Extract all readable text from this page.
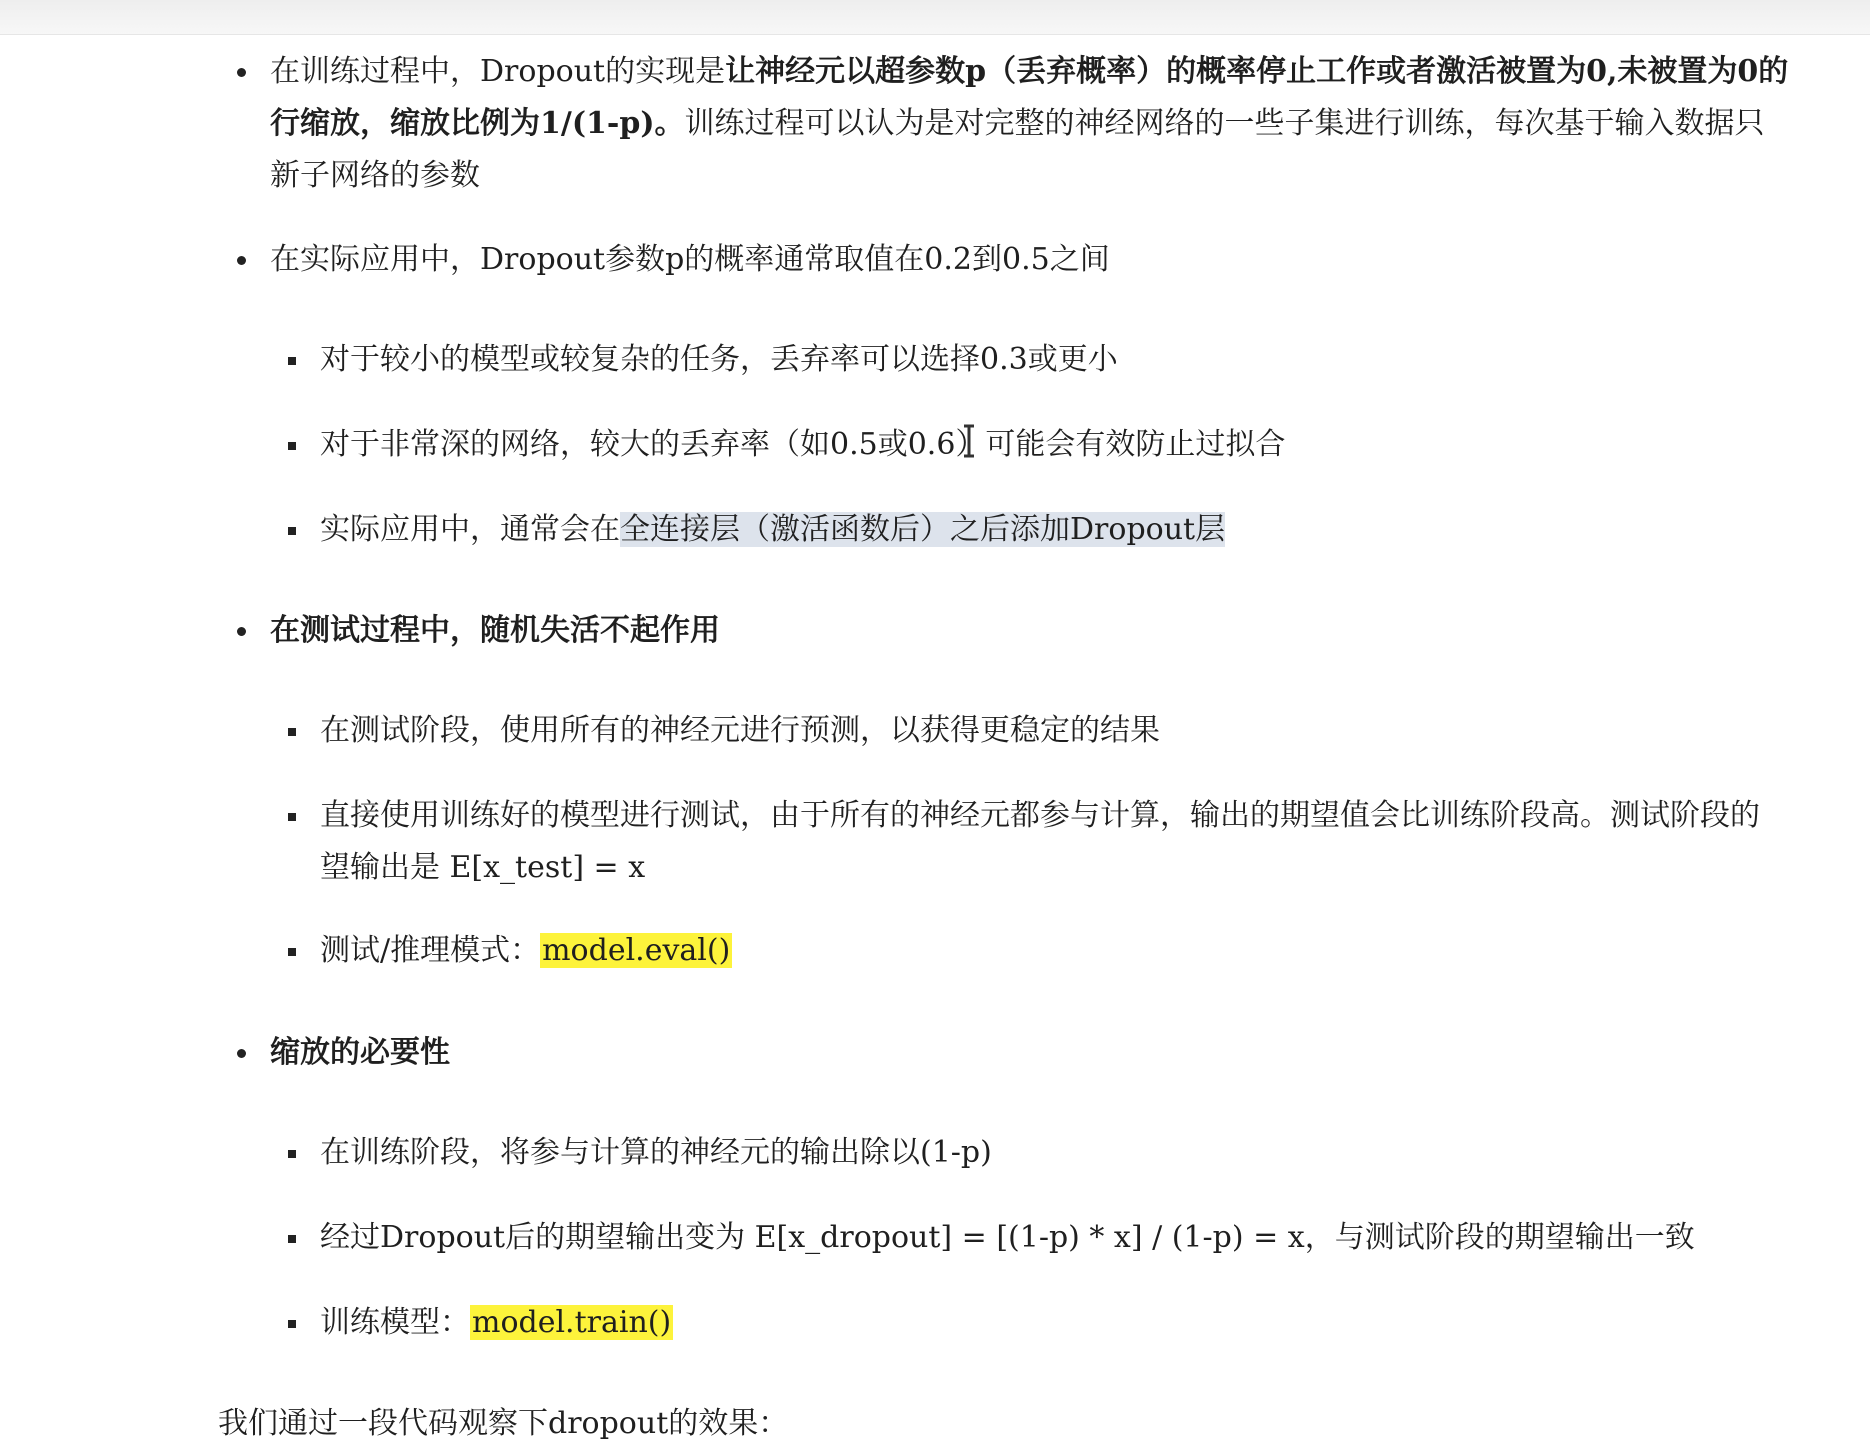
在训练过程中，Dropout的实现是让神经元以超参数p（丢弃概率）的概率停止工作或者激活被置为0,未被置为0的
行缩放，缩放比例为1/(1-p)。训练过程可以认为是对完整的神经网络的一些子集进行训练，每次基于输入数据只
新子网络的参数
在实际应用中，Dropout参数p的概率通常取值在0.2到0.5之间
对于较小的模型或较复杂的任务，丢弃率可以选择0.3或更小
对于非常深的网络，较大的丢弃率（如0.5或0.6）可能会有效防止过拟合
实际应用中，通常会在全连接层（激活函数后）之后添加Dropout层
在测试过程中，随机失活不起作用
在测试阶段，使用所有的神经元进行预测，以获得更稳定的结果
直接使用训练好的模型进行测试，由于所有的神经元都参与计算，输出的期望值会比训练阶段高。测试阶段的
望输出是 E[x_test] = x
测试/推理模式：model.eval()
缩放的必要性
在训练阶段，将参与计算的神经元的输出除以(1-p)
经过Dropout后的期望输出变为 E[x_dropout] = [(1-p) * x] / (1-p) = x，与测试阶段的期望输出一致
训练模型：model.train()
我们通过一段代码观察下dropout的效果：
